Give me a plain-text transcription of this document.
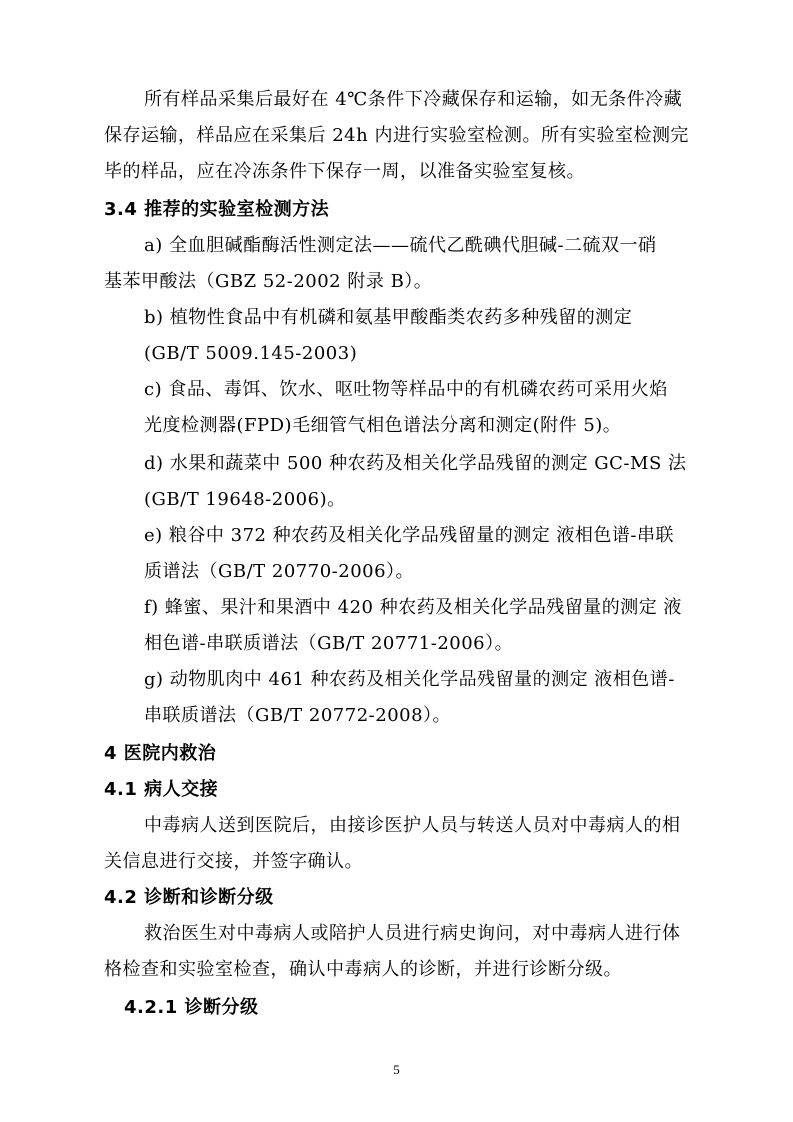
所有样品采集后最好在 4℃条件下冷藏保存和运输，如无条件冷藏
保存运输，样品应在采集后 24h 内进行实验室检测。所有实验室检测完
毕的样品，应在冷冻条件下保存一周，以准备实验室复核。
3.4 推荐的实验室检测方法
a) 全血胆碱酯酶活性测定法——硫代乙酰碘代胆碱-二硫双一硝
基苯甲酸法（GBZ 52-2002 附录 B）。
b) 植物性食品中有机磷和氨基甲酸酯类农药多种残留的测定
(GB/T 5009.145-2003)
c) 食品、毒饵、饮水、呕吐物等样品中的有机磷农药可采用火焰
光度检测器(FPD)毛细管气相色谱法分离和测定(附件 5)。
d) 水果和蔬菜中 500 种农药及相关化学品残留的测定 GC-MS 法
(GB/T 19648-2006)。
e) 粮谷中 372 种农药及相关化学品残留量的测定 液相色谱-串联
质谱法（GB/T 20770-2006）。
f) 蜂蜜、果汁和果酒中 420 种农药及相关化学品残留量的测定 液
相色谱-串联质谱法（GB/T 20771-2006）。
g) 动物肌肉中 461 种农药及相关化学品残留量的测定 液相色谱-
串联质谱法（GB/T 20772-2008）。
4 医院内救治
4.1 病人交接
中毒病人送到医院后，由接诊医护人员与转送人员对中毒病人的相
关信息进行交接，并签字确认。
4.2 诊断和诊断分级
救治医生对中毒病人或陪护人员进行病史询问，对中毒病人进行体
格检查和实验室检查，确认中毒病人的诊断，并进行诊断分级。
4.2.1 诊断分级
5
